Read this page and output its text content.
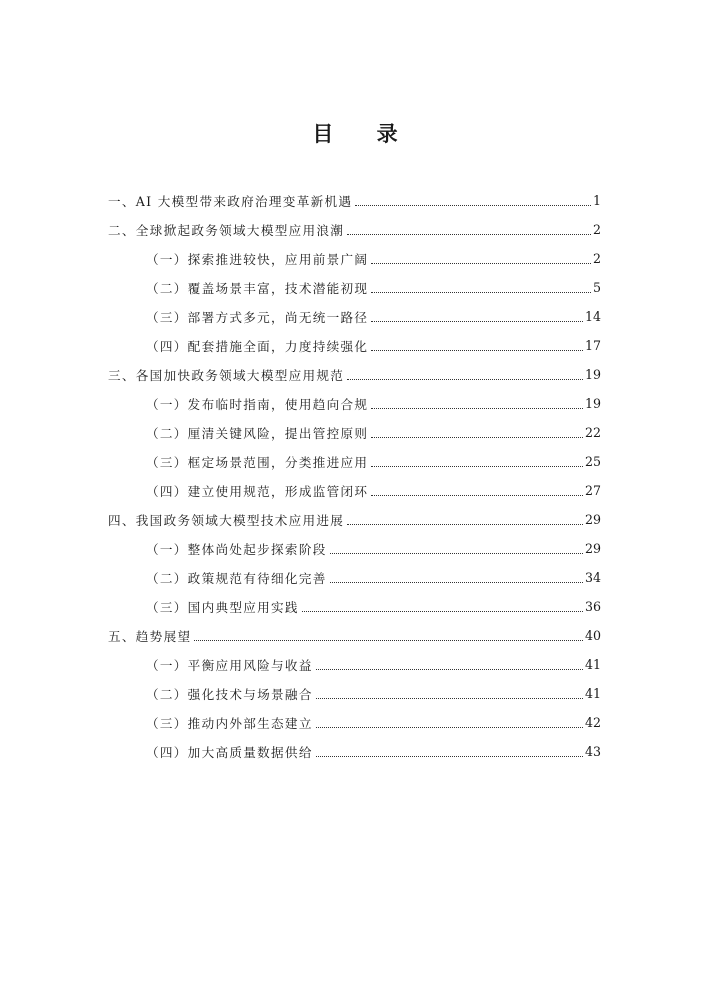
目 录
一、AI 大模型带来政府治理变革新机遇	1
二、全球掀起政务领域大模型应用浪潮	2
（一）探索推进较快，应用前景广阔	2
（二）覆盖场景丰富，技术潜能初现	5
（三）部署方式多元，尚无统一路径	14
（四）配套措施全面，力度持续强化	17
三、各国加快政务领域大模型应用规范	19
（一）发布临时指南，使用趋向合规	19
（二）厘清关键风险，提出管控原则	22
（三）框定场景范围，分类推进应用	25
（四）建立使用规范，形成监管闭环	27
四、我国政务领域大模型技术应用进展	29
（一）整体尚处起步探索阶段	29
（二）政策规范有待细化完善	34
（三）国内典型应用实践	36
五、趋势展望	40
（一）平衡应用风险与收益	41
（二）强化技术与场景融合	41
（三）推动内外部生态建立	42
（四）加大高质量数据供给	43
